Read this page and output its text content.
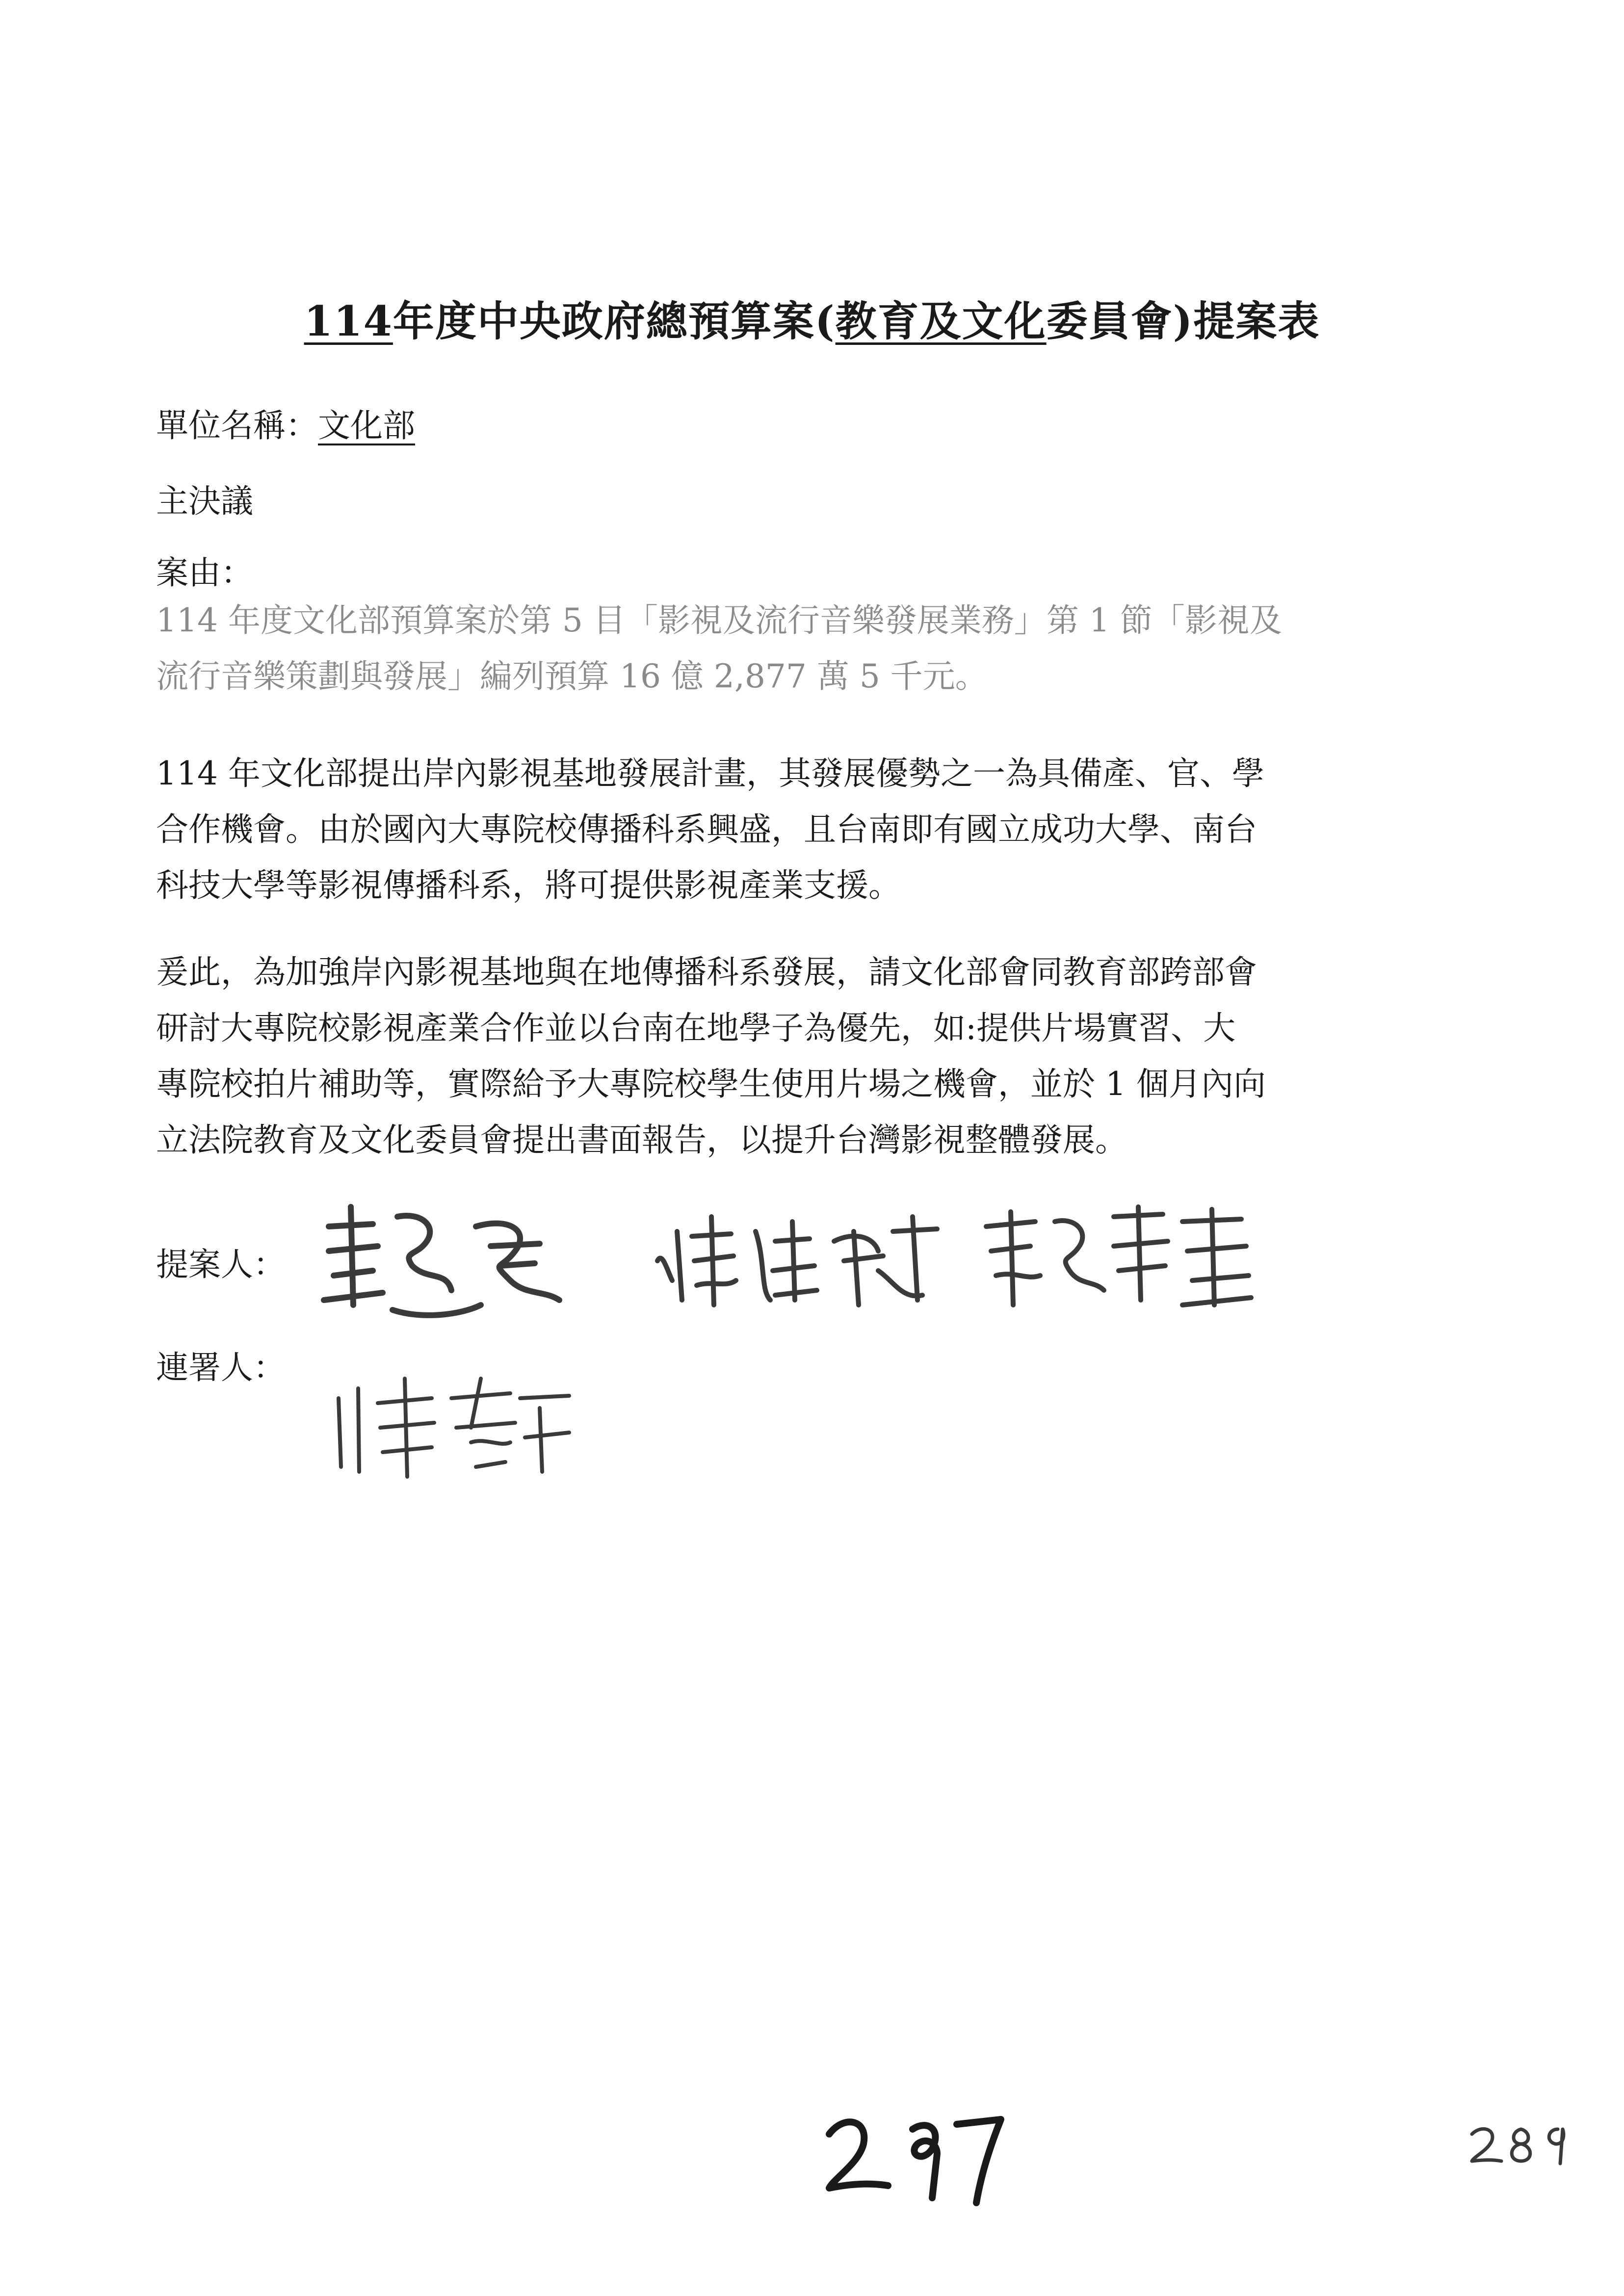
114年度中央政府總預算案(教育及文化委員會)提案表
單位名稱：文化部
主決議
案由：
114 年度文化部預算案於第 5 目「影視及流行音樂發展業務」第 1 節「影視及
流行音樂策劃與發展」編列預算 16 億 2,877 萬 5 千元。
114 年文化部提出岸內影視基地發展計畫，其發展優勢之一為具備產、官、學
合作機會。由於國內大專院校傳播科系興盛，且台南即有國立成功大學、南台
科技大學等影視傳播科系，將可提供影視產業支援。
爰此，為加強岸內影視基地與在地傳播科系發展，請文化部會同教育部跨部會
研討大專院校影視產業合作並以台南在地學子為優先，如:提供片場實習、大
專院校拍片補助等，實際給予大專院校學生使用片場之機會，並於 1 個月內向
立法院教育及文化委員會提出書面報告，以提升台灣影視整體發展。
提案人：
連署人：
